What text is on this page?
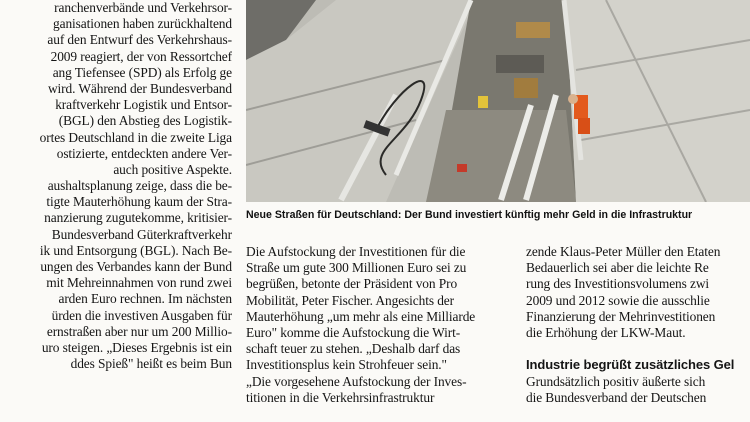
ranchenverbände und Verkehrsor-
ganisationen haben zurückhaltend
auf den Entwurf des Verkehrshaus-
2009 reagiert, der von Ressortchef
ang Tiefensee (SPD) als Erfolg ge
wird. Während der Bundesverband
kraftverkehr Logistik und Entsor-
(BGL) den Abstieg des Logistik-
ortes Deutschland in die zweite Liga
ostizierte, entdeckten andere Ver-
auch positive Aspekte.
aushaltsplanung zeige, dass die be-
tigte Mauterhöhung kaum der Stra-
nanzierung zugutekomme, kritisier-
Bundesverband Güterkraftverkehr
ik und Entsorgung (BGL). Nach Be-
ungen des Verbandes kann der Bund
mit Mehreinnahmen von rund zwei
arden Euro rechnen. Im nächsten
ürden die investiven Ausgaben für
ernstraßen aber nur um 200 Millio-
uro steigen. „Dieses Ergebnis ist ein
ddes Spieß" heißt es beim Bun
Neue Straßen für Deutschland: Der Bund investiert künftig mehr Geld in die Infrastruktur
Die Aufstockung der Investitionen für die
Straße um gute 300 Millionen Euro sei zu
begrüßen, betonte der Präsident von Pro
Mobilität, Peter Fischer. Angesichts der
Mauterhöhung „um mehr als eine Milliarde
Euro" komme die Aufstockung die Wirt-
schaft teuer zu stehen. „Deshalb darf das
Investitionsplus kein Strohfeuer sein."
„Die vorgesehene Aufstockung der Inves-
titionen in die Verkehrsinfrastruktur
zende Klaus-Peter Müller den Etaten
Bedauerlich sei aber die leichte Re
rung des Investitionsvolumens zwi
2009 und 2012 sowie die ausschlie
Finanzierung der Mehrinvestitionen
die Erhöhung der LKW-Maut.
Industrie begrüßt zusätzliches Gel
Grundsätzlich positiv äußerte sich
die Bundesverband der Deutschen
